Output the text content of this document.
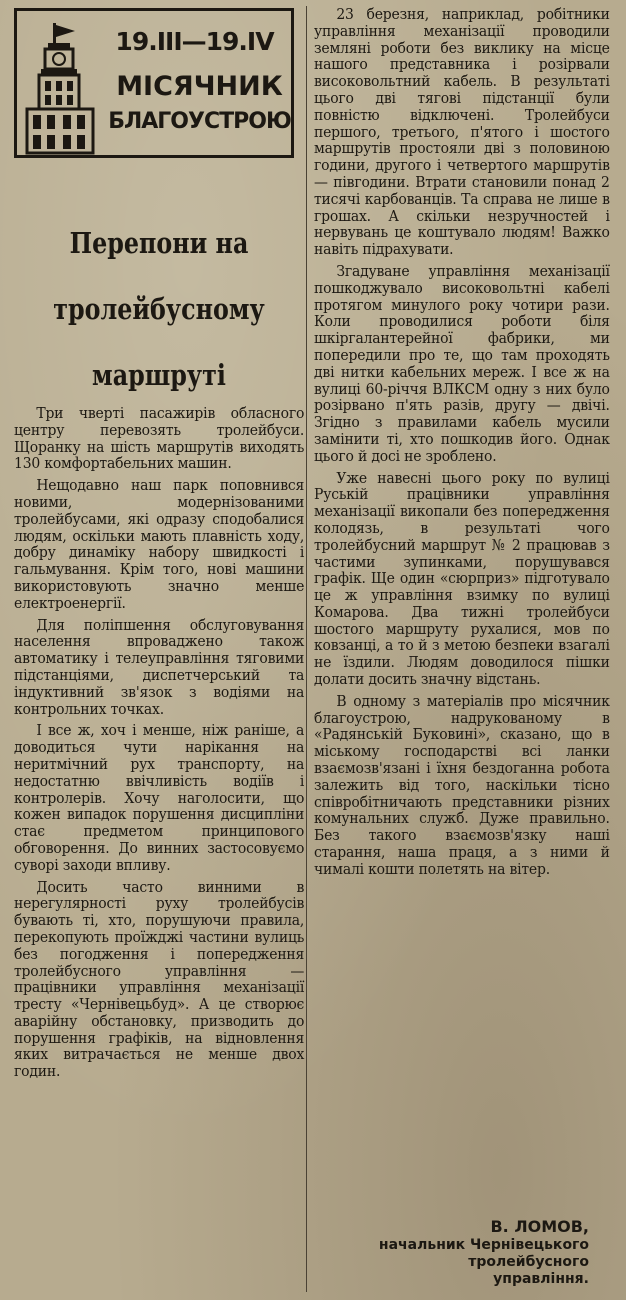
19.ІІІ—19.ІV
МІСЯЧНИК
БЛАГОУСТРОЮ
Перепони на
тролейбусному
маршруті

Три чверті пасажирів обласного центру перевозять тролейбуси. Щоранку на шість маршрутів виходять 130 комфортабельних машин.

Нещодавно наш парк поповнився новими, модернізованими тролейбусами, які одразу сподобалися людям, оскільки мають плавність ходу, добру динаміку набору швидкості і гальмування. Крім того, нові машини використовують значно менше електроенергії.

Для поліпшення обслуговування населення впроваджено також автоматику і телеуправління тяговими підстанціями, диспетчерський та індуктивний зв'язок з водіями на контрольних точках.

І все ж, хоч і менше, ніж раніше, а доводиться чути нарікання на неритмічний рух транспорту, на недостатню ввічливість водіїв і контролерів. Хочу наголосити, що кожен випадок порушення дисципліни стає предметом принципового обговорення. До винних застосовуємо суворі заходи впливу.

Досить часто винними в нерегулярності руху тролейбусів бувають ті, хто, порушуючи правила, перекопують проїжджі частини вулиць без погодження і попередження тролейбусного управління — працівники управління механізації тресту «Чернівецьбуд». А це створює аварійну обстановку, призводить до порушення графіків, на відновлення яких витрачається не менше двох годин.

23 березня, наприклад, робітники управління механізації проводили земляні роботи без виклику на місце нашого представника і розірвали високовольтний кабель. В результаті цього дві тягові підстанції були повністю відключені. Тролейбуси першого, третього, п'ятого і шостого маршрутів простояли дві з половиною години, другого і четвертого маршрутів — півгодини. Втрати становили понад 2 тисячі карбованців. Та справа не лише в грошах. А скільки незручностей і нервувань це коштувало людям! Важко навіть підрахувати.

Згадуване управління механізації пошкоджувало високовольтні кабелі протягом минулого року чотири рази. Коли проводилися роботи біля шкіргалантерейної фабрики, ми попередили про те, що там проходять дві нитки кабельних мереж. І все ж на вулиці 60-річчя ВЛКСМ одну з них було розірвано п'ять разів, другу — двічі. Згідно з правилами кабель мусили замінити ті, хто пошкодив його. Однак цього й досі не зроблено.

Уже навесні цього року по вулиці Руській працівники управління механізації викопали без попередження колодязь, в результаті чого тролейбусний маршрут № 2 працював з частими зупинками, порушувався графік. Ще один «сюрприз» підготувало це ж управління взимку по вулиці Комарова. Два тижні тролейбуси шостого маршруту рухалися, мов по ковзанці, а то й з метою безпеки взагалі не їздили. Людям доводилося пішки долати досить значну відстань.

В одному з матеріалів про місячник благоустрою, надрукованому в «Радянській Буковині», сказано, що в міському господарстві всі ланки взаємозв'язані і їхня бездоганна робота залежить від того, наскільки тісно співробітничають представники різних комунальних служб. Дуже правильно. Без такого взаємозв'язку наші старання, наша праця, а з ними й чималі кошти полетять на вітер.

В. ЛОМОВ,
начальник Чернівецького
тролейбусного
управління.
